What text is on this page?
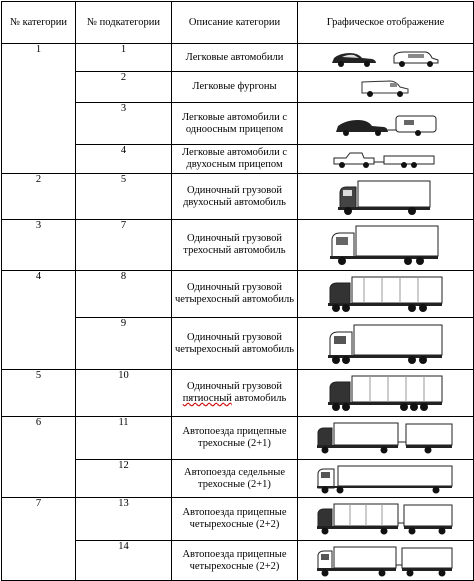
№ категории	№ подкатегории	Описание категории	Графическое отображение
1	1	Легковые автомобили	

	2	Легковые фургоны	

	3	Легковые автомобили с одноосным прицепом	

	4	Легковые автомобили с двухосным прицепом	

2	5	Одиночный грузовой двухосный автомобиль	

3	7	Одиночный грузовой трехосный автомобиль	

4	8	Одиночный грузовой четырехосный автомобиль	

	9	Одиночный грузовой четырехосный автомобиль	

5	10	Одиночный грузовой пятиосный автомобиль	

6	11	Автопоезда прицепные трехосные (2+1)	

	12	Автопоезда седельные трехосные (2+1)	

7	13	Автопоезда прицепные четырехосные (2+2)	

	14	Автопоезда прицепные четырехосные (2+2)	
